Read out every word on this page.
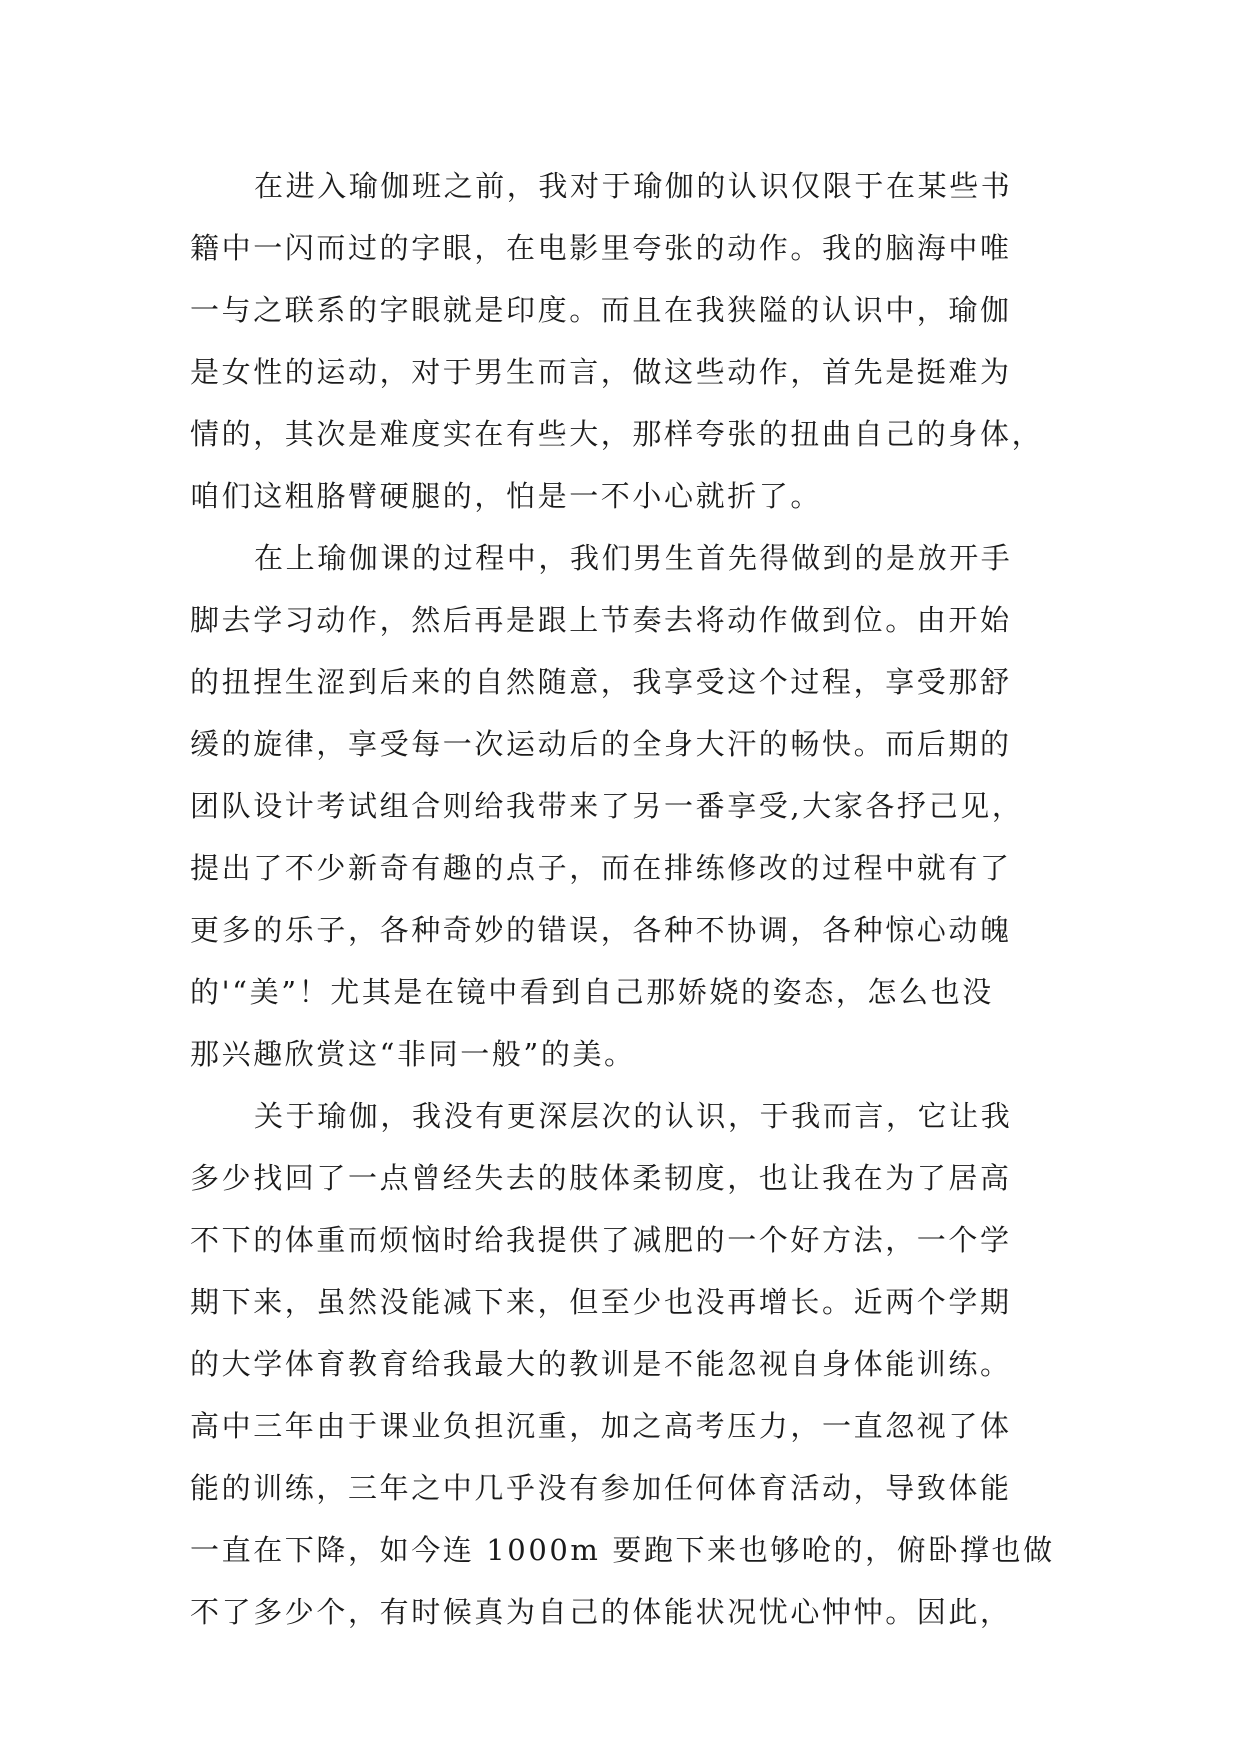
在进入瑜伽班之前，我对于瑜伽的认识仅限于在某些书
籍中一闪而过的字眼，在电影里夸张的动作。我的脑海中唯
一与之联系的字眼就是印度。而且在我狭隘的认识中，瑜伽
是女性的运动，对于男生而言，做这些动作，首先是挺难为
情的，其次是难度实在有些大，那样夸张的扭曲自己的身体，
咱们这粗胳臂硬腿的，怕是一不小心就折了。
在上瑜伽课的过程中，我们男生首先得做到的是放开手
脚去学习动作，然后再是跟上节奏去将动作做到位。由开始
的扭捏生涩到后来的自然随意，我享受这个过程，享受那舒
缓的旋律，享受每一次运动后的全身大汗的畅快。而后期的
团队设计考试组合则给我带来了另一番享受,大家各抒己见，
提出了不少新奇有趣的点子，而在排练修改的过程中就有了
更多的乐子，各种奇妙的错误，各种不协调，各种惊心动魄
的'“美”！尤其是在镜中看到自己那娇娆的姿态，怎么也没
那兴趣欣赏这“非同一般”的美。
关于瑜伽，我没有更深层次的认识，于我而言，它让我
多少找回了一点曾经失去的肢体柔韧度，也让我在为了居高
不下的体重而烦恼时给我提供了减肥的一个好方法，一个学
期下来，虽然没能减下来，但至少也没再增长。近两个学期
的大学体育教育给我最大的教训是不能忽视自身体能训练。
高中三年由于课业负担沉重，加之高考压力，一直忽视了体
能的训练，三年之中几乎没有参加任何体育活动，导致体能
一直在下降，如今连 1000m 要跑下来也够呛的，俯卧撑也做
不了多少个，有时候真为自己的体能状况忧心忡忡。因此，
